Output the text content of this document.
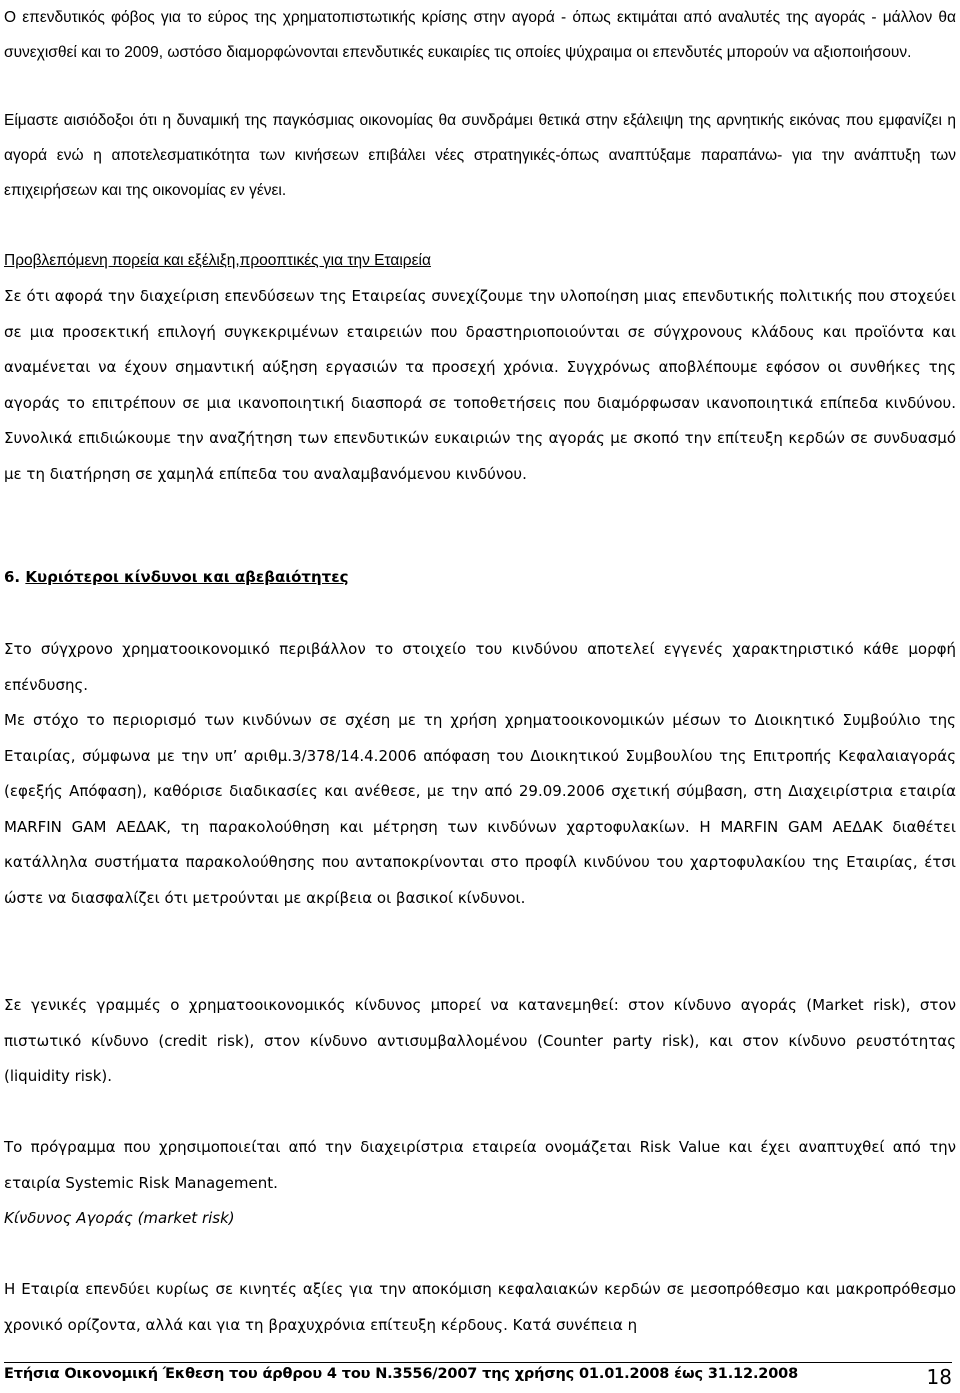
Ο επενδυτικός φόβος για το εύρος της χρηματοπιστωτικής κρίσης στην αγορά - όπως εκτιμάται από αναλυτές της αγοράς - μάλλον θα συνεχισθεί και το 2009, ωστόσο διαμορφώνονται επενδυτικές ευκαιρίες τις οποίες ψύχραιμα οι επενδυτές μπορούν να αξιοποιήσουν.

Είμαστε αισιόδοξοι ότι η δυναμική της παγκόσμιας οικονομίας θα συνδράμει θετικά στην εξάλειψη της αρνητικής εικόνας που εμφανίζει η αγορά ενώ η αποτελεσματικότητα των κινήσεων επιβάλει νέες στρατηγικές-όπως αναπτύξαμε παραπάνω- για την ανάπτυξη των επιχειρήσεων και της οικονομίας εν γένει.

Προβλεπόμενη πορεία και εξέλιξη,προοπτικές για την Εταιρεία

Σε ότι αφορά την διαχείριση επενδύσεων της Εταιρείας συνεχίζουμε την υλοποίηση μιας επενδυτικής πολιτικής που στοχεύει σε μια προσεκτική επιλογή συγκεκριμένων εταιρειών που δραστηριοποιούνται σε σύγχρονους κλάδους και προϊόντα και αναμένεται να έχουν σημαντική αύξηση εργασιών τα προσεχή χρόνια. Συγχρόνως αποβλέπουμε εφόσον οι συνθήκες της αγοράς το επιτρέπουν σε μια ικανοποιητική διασπορά σε τοποθετήσεις που διαμόρφωσαν ικανοποιητικά επίπεδα κινδύνου. Συνολικά επιδιώκουμε την αναζήτηση των επενδυτικών ευκαιριών της αγοράς με σκοπό την επίτευξη κερδών σε συνδυασμό με τη διατήρηση σε χαμηλά επίπεδα του αναλαμβανόμενου κινδύνου.

6. Κυριότεροι κίνδυνοι και αβεβαιότητες

Στο σύγχρονο χρηματοοικονομικό περιβάλλον το στοιχείο του κινδύνου αποτελεί εγγενές χαρακτηριστικό κάθε μορφή επένδυσης.

Με στόχο το περιορισμό των κινδύνων σε σχέση με τη χρήση χρηματοοικονομικών μέσων το Διοικητικό Συμβούλιο της Εταιρίας, σύμφωνα με την υπ’ αριθμ.3/378/14.4.2006 απόφαση του Διοικητικού Συμβουλίου της Επιτροπής Κεφαλαιαγοράς (εφεξής Απόφαση), καθόρισε διαδικασίες και ανέθεσε, με την από 29.09.2006 σχετική σύμβαση, στη Διαχειρίστρια εταιρία MARFIN GAM ΑΕΔΑΚ, τη παρακολούθηση και μέτρηση των κινδύνων χαρτοφυλακίων. Η MARFIN GAM ΑΕΔΑΚ διαθέτει κατάλληλα συστήματα παρακολούθησης που ανταποκρίνονται στο προφίλ κινδύνου του χαρτοφυλακίου της Εταιρίας, έτσι ώστε να διασφαλίζει ότι μετρούνται με ακρίβεια οι βασικοί κίνδυνοι.

Σε γενικές γραμμές ο χρηματοοικονομικός κίνδυνος μπορεί να κατανεμηθεί: στον κίνδυνο αγοράς (Market risk), στον πιστωτικό κίνδυνο (credit risk), στον κίνδυνο αντισυμβαλλομένου (Counter party risk), και στον κίνδυνο ρευστότητας (liquidity risk).

Το πρόγραμμα που χρησιμοποιείται από την διαχειρίστρια εταιρεία ονομάζεται Risk Value και έχει αναπτυχθεί από την εταιρία Systemic Risk Management.

Κίνδυνος Αγοράς (market risk)

Η Εταιρία επενδύει κυρίως σε κινητές αξίες για την αποκόμιση κεφαλαιακών κερδών σε μεσοπρόθεσμο και μακροπρόθεσμο χρονικό ορίζοντα, αλλά και για τη βραχυχρόνια επίτευξη κέρδους. Κατά συνέπεια η

Ετήσια Οικονομική Έκθεση του άρθρου 4 του Ν.3556/2007 της χρήσης 01.01.2008 έως 31.12.2008	18
